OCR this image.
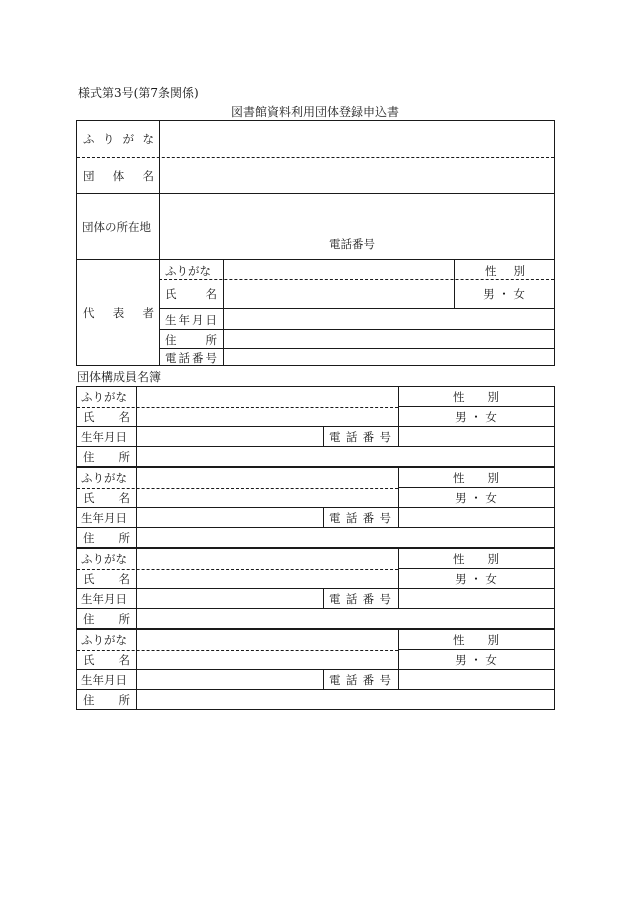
様式第3号(第7条関係)
図書館資料利用団体登録申込書
ふ り が な
団 体 名
団体の所在地
電話番号
代 表 者
ふりがな
氏	名
生 年 月 日
住	所
電 話 番 号
性 別
男 ・ 女
団体構成員名簿
ふりがな
氏 名
生年月日
住 所
電 話 番 号
性 別
男 ・ 女
ふりがな
氏 名
生年月日
住 所
電 話 番 号
性 別
男 ・ 女
ふりがな
氏 名
生年月日
住 所
電 話 番 号
性 別
男 ・ 女
ふりがな
氏 名
生年月日
住 所
電 話 番 号
性 別
男 ・ 女
